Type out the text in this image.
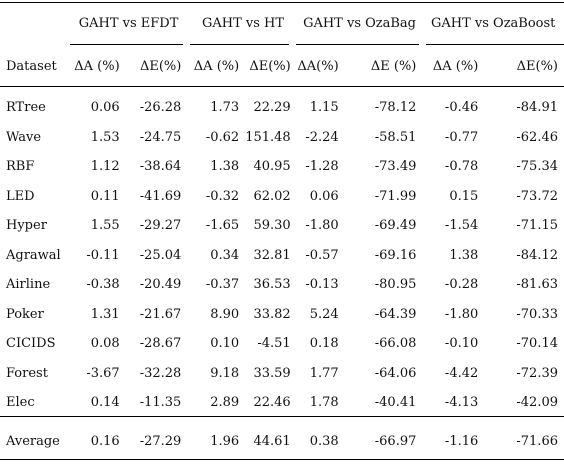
	GAHT vs EFDT		GAHT vs HT		GAHT vs OzaBag		GAHT vs OzaBoost	
Dataset	ΔA (%)	ΔE(%)	ΔA (%)	ΔE(%)	ΔA(%)	ΔE (%)	ΔA (%)	ΔE(%)

RTree	0.06	-26.28	1.73	22.29	1.15	-78.12	-0.46	-84.91
Wave	1.53	-24.75	-0.62	151.48	-2.24	-58.51	-0.77	-62.46
RBF	1.12	-38.64	1.38	40.95	-1.28	-73.49	-0.78	-75.34
LED	0.11	-41.69	-0.32	62.02	0.06	-71.99	0.15	-73.72
Hyper	1.55	-29.27	-1.65	59.30	-1.80	-69.49	-1.54	-71.15
Agrawal	-0.11	-25.04	0.34	32.81	-0.57	-69.16	1.38	-84.12
Airline	-0.38	-20.49	-0.37	36.53	-0.13	-80.95	-0.28	-81.63
Poker	1.31	-21.67	8.90	33.82	5.24	-64.39	-1.80	-70.33
CICIDS	0.08	-28.67	0.10	-4.51	0.18	-66.08	-0.10	-70.14
Forest	-3.67	-32.28	9.18	33.59	1.77	-64.06	-4.42	-72.39
Elec	0.14	-11.35	2.89	22.46	1.78	-40.41	-4.13	-42.09
Average	0.16	-27.29	1.96	44.61	0.38	-66.97	-1.16	-71.66
